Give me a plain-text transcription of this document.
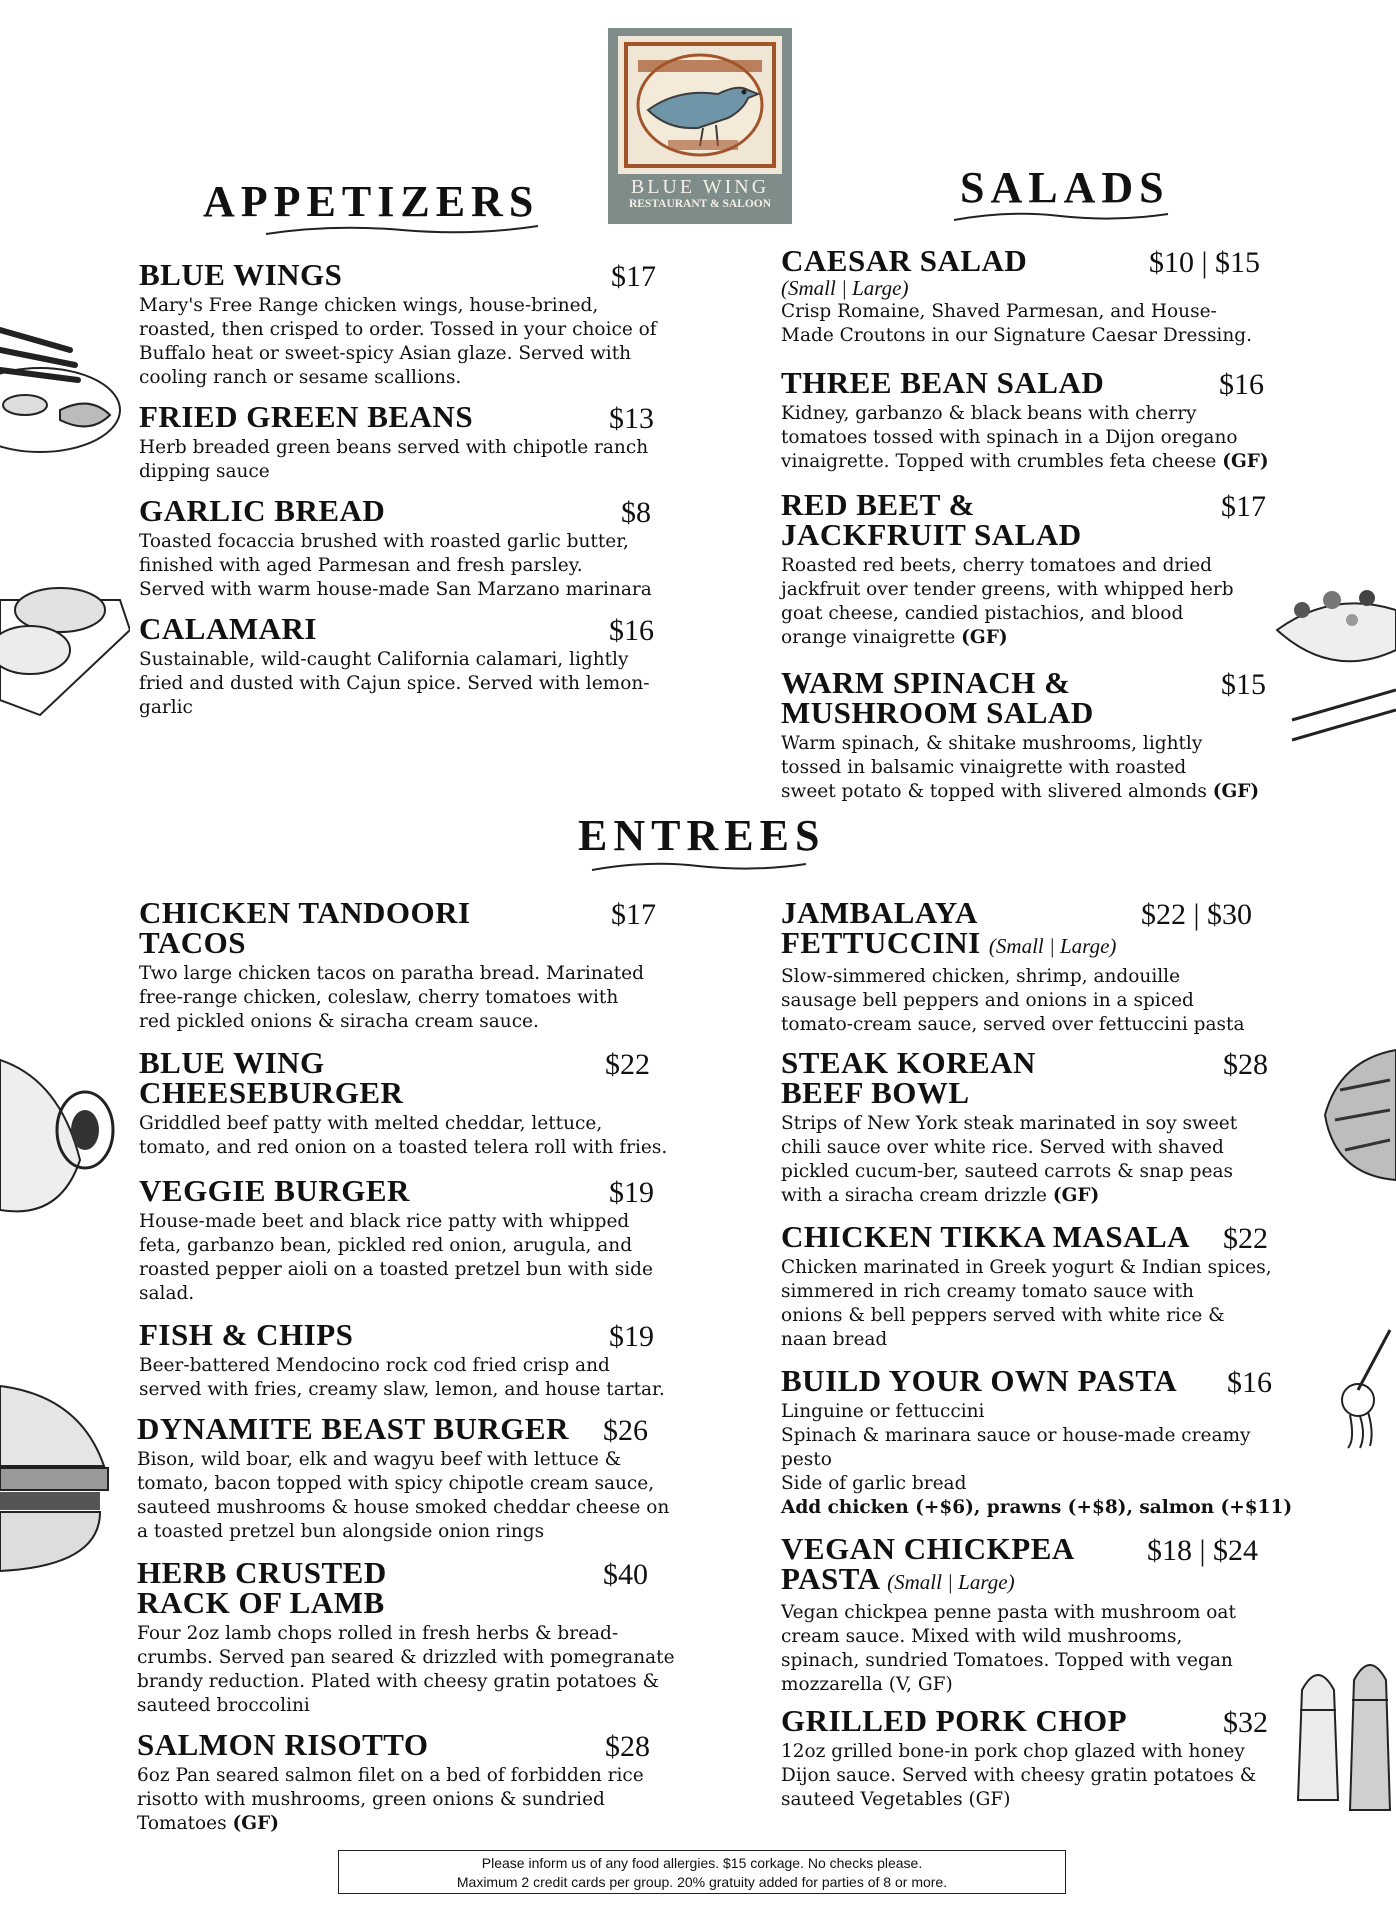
BLUE WING
RESTAURANT & SALOON
APPETIZERS	SALADS
ENTREES
BLUE WINGS	$17
Mary's Free Range chicken wings, house-brined,
roasted, then crisped to order. Tossed in your choice of
Buffalo heat or sweet-spicy Asian glaze. Served with
cooling ranch or sesame scallions.
FRIED GREEN BEANS	$13
Herb breaded green beans served with chipotle ranch
dipping sauce
GARLIC BREAD	$8
Toasted focaccia brushed with roasted garlic butter,
finished with aged Parmesan and fresh parsley.
Served with warm house-made San Marzano marinara
CALAMARI	$16
Sustainable, wild-caught California calamari, lightly
fried and dusted with Cajun spice. Served with lemon-
garlic
CAESAR SALAD	$10 | $15
(Small | Large)
Crisp Romaine, Shaved Parmesan, and House-
Made Croutons in our Signature Caesar Dressing.
THREE BEAN SALAD	$16
Kidney, garbanzo & black beans with cherry
tomatoes tossed with spinach in a Dijon oregano
vinaigrette. Topped with crumbles feta cheese (GF)
RED BEET &
JACKFRUIT SALAD
$17
Roasted red beets, cherry tomatoes and dried
jackfruit over tender greens, with whipped herb
goat cheese, candied pistachios, and blood
orange vinaigrette (GF)
WARM SPINACH &
MUSHROOM SALAD
$15
Warm spinach, & shitake mushrooms, lightly
tossed in balsamic vinaigrette with roasted
sweet potato & topped with slivered almonds (GF)
CHICKEN TANDOORI
TACOS
$17
Two large chicken tacos on paratha bread. Marinated
free-range chicken, coleslaw, cherry tomatoes with
red pickled onions & siracha cream sauce.
BLUE WING
CHEESEBURGER
$22
Griddled beef patty with melted cheddar, lettuce,
tomato, and red onion on a toasted telera roll with fries.
VEGGIE BURGER	$19
House-made beet and black rice patty with whipped
feta, garbanzo bean, pickled red onion, arugula, and
roasted pepper aioli on a toasted pretzel bun with side
salad.
FISH & CHIPS	$19
Beer-battered Mendocino rock cod fried crisp and
served with fries, creamy slaw, lemon, and house tartar.
DYNAMITE BEAST BURGER	$26
Bison, wild boar, elk and wagyu beef with lettuce &
tomato, bacon topped with spicy chipotle cream sauce,
sauteed mushrooms & house smoked cheddar cheese on
a toasted pretzel bun alongside onion rings
HERB CRUSTED
RACK OF LAMB
$40
Four 2oz lamb chops rolled in fresh herbs & bread-
crumbs. Served pan seared & drizzled with pomegranate
brandy reduction. Plated with cheesy gratin potatoes &
sauteed broccolini
SALMON RISOTTO	$28
6oz Pan seared salmon filet on a bed of forbidden rice
risotto with mushrooms, green onions & sundried
Tomatoes (GF)
JAMBALAYA
FETTUCCINI (Small | Large)
$22 | $30
Slow-simmered chicken, shrimp, andouille
sausage bell peppers and onions in a spiced
tomato-cream sauce, served over fettuccini pasta
STEAK KOREAN
BEEF BOWL
$28
Strips of New York steak marinated in soy sweet
chili sauce over white rice. Served with shaved
pickled cucum-ber, sauteed carrots & snap peas
with a siracha cream drizzle (GF)
CHICKEN TIKKA MASALA	$22
Chicken marinated in Greek yogurt & Indian spices,
simmered in rich creamy tomato sauce with
onions & bell peppers served with white rice &
naan bread
BUILD YOUR OWN PASTA	$16
Linguine or fettuccini
Spinach & marinara sauce or house-made creamy
pesto
Side of garlic bread
Add chicken (+$6), prawns (+$8), salmon (+$11)
VEGAN CHICKPEA
PASTA (Small | Large)
$18 | $24
Vegan chickpea penne pasta with mushroom oat
cream sauce. Mixed with wild mushrooms,
spinach, sundried Tomatoes. Topped with vegan
mozzarella (V, GF)
GRILLED PORK CHOP	$32
12oz grilled bone-in pork chop glazed with honey
Dijon sauce. Served with cheesy gratin potatoes &
sauteed Vegetables (GF)
Please inform us of any food allergies. $15 corkage. No checks please.
Maximum 2 credit cards per group. 20% gratuity added for parties of 8 or more.
